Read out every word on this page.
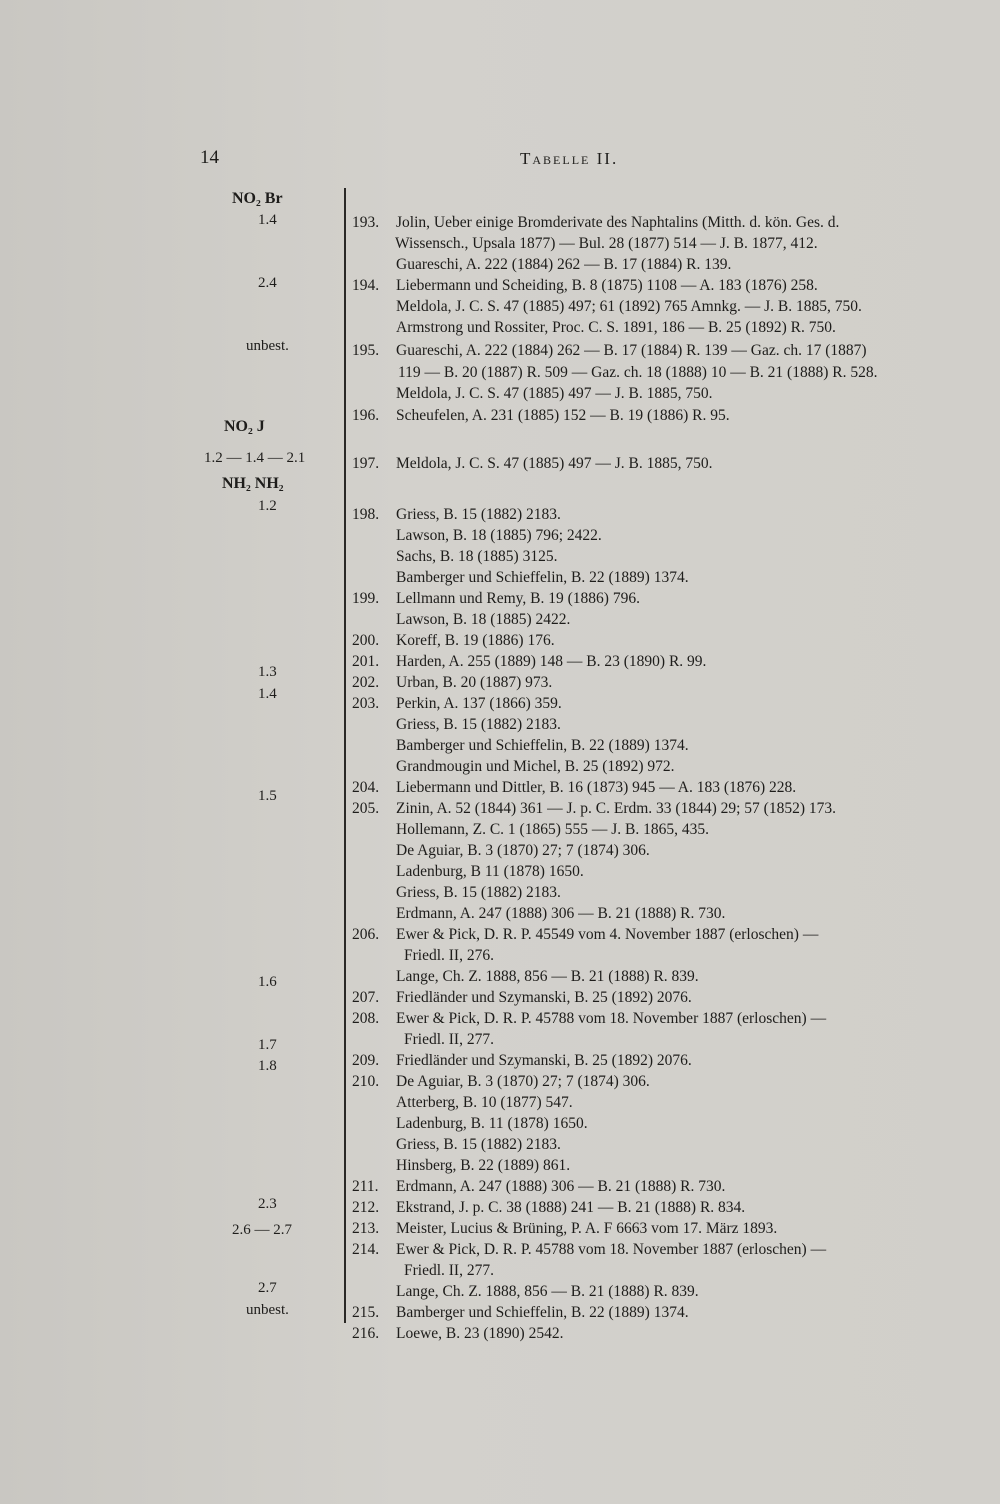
14	Tabelle II.
NO₂ Br
1.4
2.4
unbest.
NO₂ J
1.2 — 1.4 — 2.1
NH₂ NH₂
1.2
1.3
1.4
1.5
1.6
1.7
1.8
2.3
2.6 — 2.7
2.7
unbest.
193. Jolin, Ueber einige Bromderivate des Naphtalins (Mitth. d. kön. Ges. d.
Wissensch., Upsala 1877) — Bul. 28 (1877) 514 — J. B. 1877, 412.
Guareschi, A. 222 (1884) 262 — B. 17 (1884) R. 139.
194. Liebermann und Scheiding, B. 8 (1875) 1108 — A. 183 (1876) 258.
Meldola, J. C. S. 47 (1885) 497; 61 (1892) 765 Amnkg. — J. B. 1885, 750.
Armstrong und Rossiter, Proc. C. S. 1891, 186 — B. 25 (1892) R. 750.
195. Guareschi, A. 222 (1884) 262 — B. 17 (1884) R. 139 — Gaz. ch. 17 (1887)
119 — B. 20 (1887) R. 509 — Gaz. ch. 18 (1888) 10 — B. 21 (1888) R. 528.
Meldola, J. C. S. 47 (1885) 497 — J. B. 1885, 750.
196. Scheufelen, A. 231 (1885) 152 — B. 19 (1886) R. 95.
197. Meldola, J. C. S. 47 (1885) 497 — J. B. 1885, 750.
198. Griess, B. 15 (1882) 2183.
Lawson, B. 18 (1885) 796; 2422.
Sachs, B. 18 (1885) 3125.
Bamberger und Schieffelin, B. 22 (1889) 1374.
199. Lellmann und Remy, B. 19 (1886) 796.
Lawson, B. 18 (1885) 2422.
200. Koreff, B. 19 (1886) 176.
201. Harden, A. 255 (1889) 148 — B. 23 (1890) R. 99.
202. Urban, B. 20 (1887) 973.
203. Perkin, A. 137 (1866) 359.
Griess, B. 15 (1882) 2183.
Bamberger und Schieffelin, B. 22 (1889) 1374.
Grandmougin und Michel, B. 25 (1892) 972.
204. Liebermann und Dittler, B. 16 (1873) 945 — A. 183 (1876) 228.
205. Zinin, A. 52 (1844) 361 — J. p. C. Erdm. 33 (1844) 29; 57 (1852) 173.
Hollemann, Z. C. 1 (1865) 555 — J. B. 1865, 435.
De Aguiar, B. 3 (1870) 27; 7 (1874) 306.
Ladenburg, B 11 (1878) 1650.
Griess, B. 15 (1882) 2183.
Erdmann, A. 247 (1888) 306 — B. 21 (1888) R. 730.
206. Ewer & Pick, D. R. P. 45549 vom 4. November 1887 (erloschen) —
Friedl. II, 276.
Lange, Ch. Z. 1888, 856 — B. 21 (1888) R. 839.
207. Friedländer und Szymanski, B. 25 (1892) 2076.
208. Ewer & Pick, D. R. P. 45788 vom 18. November 1887 (erloschen) —
Friedl. II, 277.
209. Friedländer und Szymanski, B. 25 (1892) 2076.
210. De Aguiar, B. 3 (1870) 27; 7 (1874) 306.
Atterberg, B. 10 (1877) 547.
Ladenburg, B. 11 (1878) 1650.
Griess, B. 15 (1882) 2183.
Hinsberg, B. 22 (1889) 861.
211. Erdmann, A. 247 (1888) 306 — B. 21 (1888) R. 730.
212. Ekstrand, J. p. C. 38 (1888) 241 — B. 21 (1888) R. 834.
213. Meister, Lucius & Brüning, P. A. F 6663 vom 17. März 1893.
214. Ewer & Pick, D. R. P. 45788 vom 18. November 1887 (erloschen) —
Friedl. II, 277.
Lange, Ch. Z. 1888, 856 — B. 21 (1888) R. 839.
215. Bamberger und Schieffelin, B. 22 (1889) 1374.
216. Loewe, B. 23 (1890) 2542.
